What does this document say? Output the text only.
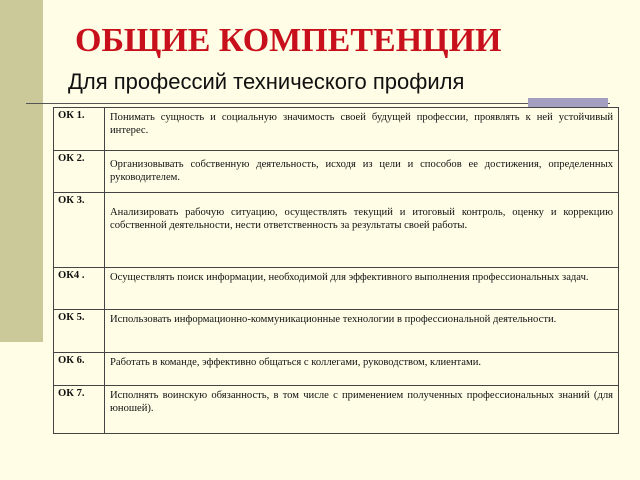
ОБЩИЕ КОМПЕТЕНЦИИ
Для профессий технического профиля
ОК 1.	Понимать сущность и социальную значимость своей будущей профессии, проявлять к ней устойчивый интерес.

ОК 2.	Организовывать собственную деятельность, исходя из цели и способов ее достижения, определенных руководителем.

ОК 3.	Анализировать рабочую ситуацию, осуществлять текущий и итоговый контроль, оценку и коррекцию собственной деятельности, нести ответственность за результаты своей работы.

ОК4 .	Осуществлять поиск информации, необходимой для эффективного выполнения профессиональных задач.

ОК 5.	Использовать информационно-коммуникационные технологии в профессиональной деятельности.

ОК 6.	Работать в команде, эффективно общаться с коллегами, руководством, клиентами.

ОК 7.	Исполнять воинскую обязанность, в том числе с применением полученных профессиональных знаний (для юношей).
